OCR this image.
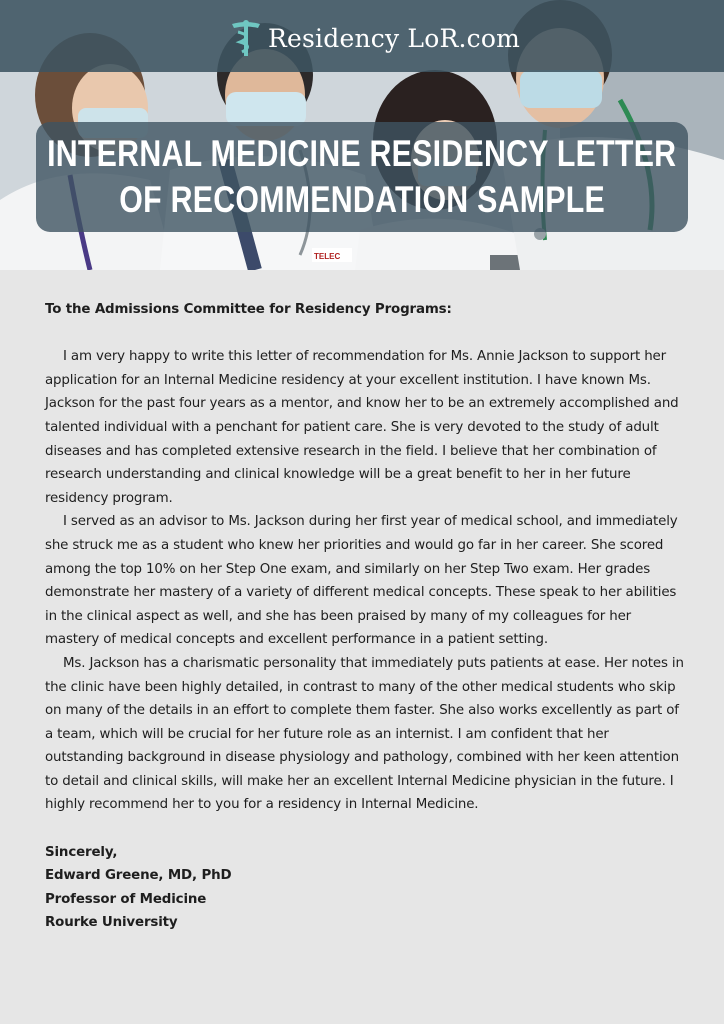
TELEC
Residency LoR.com
INTERNAL MEDICINE RESIDENCY LETTER
OF RECOMMENDATION SAMPLE

To the Admissions Committee for Residency Programs:

I am very happy to write this letter of recommendation for Ms. Annie Jackson to support her application for an Internal Medicine residency at your excellent institution. I have known Ms. Jackson for the past four years as a mentor, and know her to be an extremely accomplished and talented individual with a penchant for patient care. She is very devoted to the study of adult diseases and has completed extensive research in the field. I believe that her combination of research understanding and clinical knowledge will be a great benefit to her in her future residency program.

I served as an advisor to Ms. Jackson during her first year of medical school, and immediately she struck me as a student who knew her priorities and would go far in her career. She scored among the top 10% on her Step One exam, and similarly on her Step Two exam. Her grades demonstrate her mastery of a variety of different medical concepts. These speak to her abilities in the clinical aspect as well, and she has been praised by many of my colleagues for her mastery of medical concepts and excellent performance in a patient setting.

Ms. Jackson has a charismatic personality that immediately puts patients at ease. Her notes in the clinic have been highly detailed, in contrast to many of the other medical students who skip on many of the details in an effort to complete them faster. She also works excellently as part of a team, which will be crucial for her future role as an internist. I am confident that her outstanding background in disease physiology and pathology, combined with her keen attention to detail and clinical skills, will make her an excellent Internal Medicine physician in the future. I highly recommend her to you for a residency in Internal Medicine.

Sincerely,
Edward Greene, MD, PhD
Professor of Medicine
Rourke University
